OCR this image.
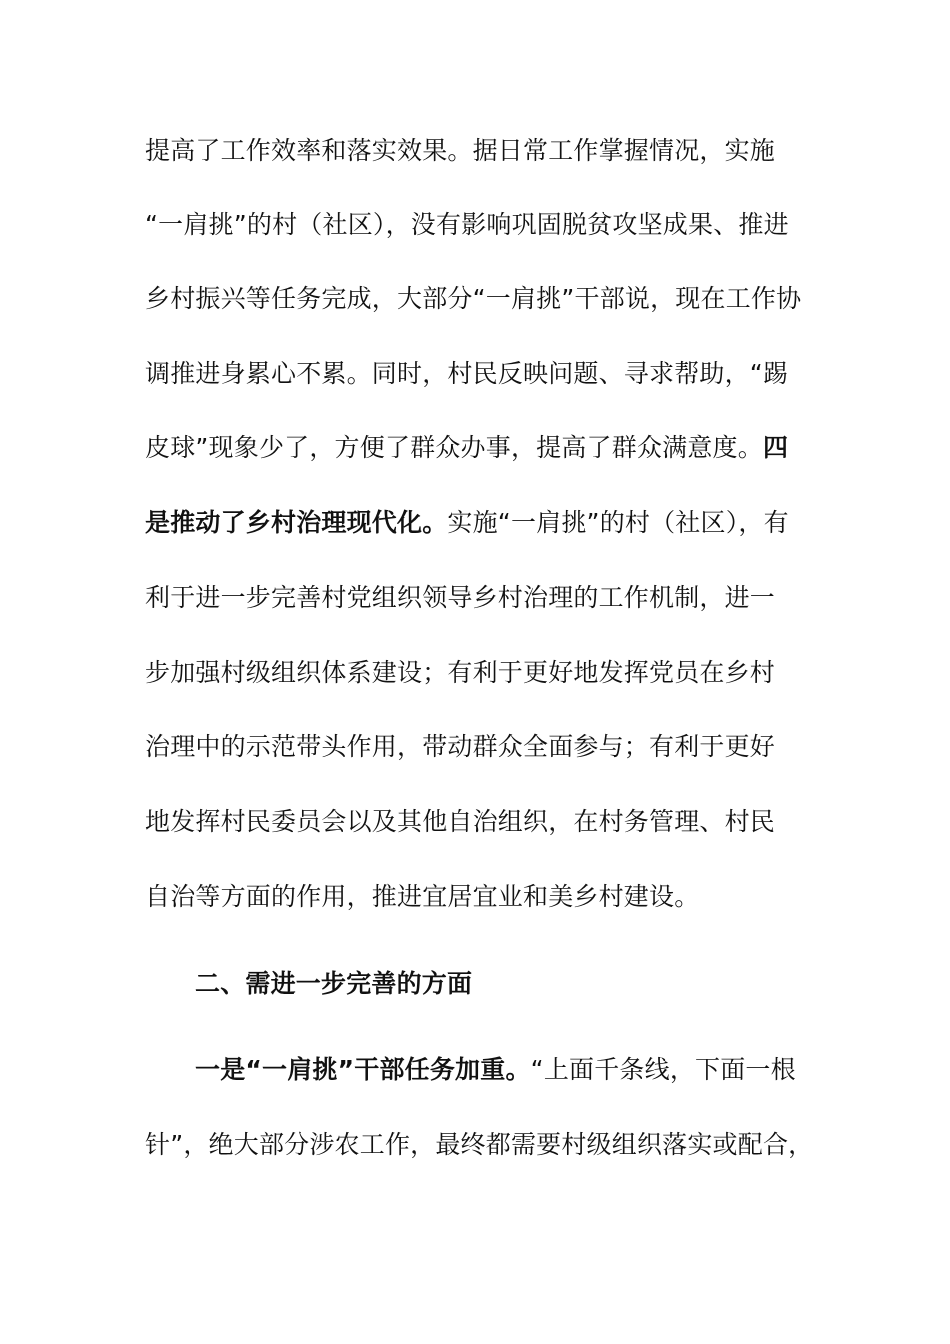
提高了工作效率和落实效果。据日常工作掌握情况，实施
“一肩挑”的村（社区），没有影响巩固脱贫攻坚成果、推进
乡村振兴等任务完成，大部分“一肩挑”干部说，现在工作协
调推进身累心不累。同时，村民反映问题、寻求帮助，“踢
皮球”现象少了，方便了群众办事，提高了群众满意度。四
是推动了乡村治理现代化。实施“一肩挑”的村（社区），有
利于进一步完善村党组织领导乡村治理的工作机制，进一
步加强村级组织体系建设；有利于更好地发挥党员在乡村
治理中的示范带头作用，带动群众全面参与；有利于更好
地发挥村民委员会以及其他自治组织，在村务管理、村民
自治等方面的作用，推进宜居宜业和美乡村建设。
二、需进一步完善的方面
一是“一肩挑”干部任务加重。“上面千条线，下面一根
针”，绝大部分涉农工作，最终都需要村级组织落实或配合，
